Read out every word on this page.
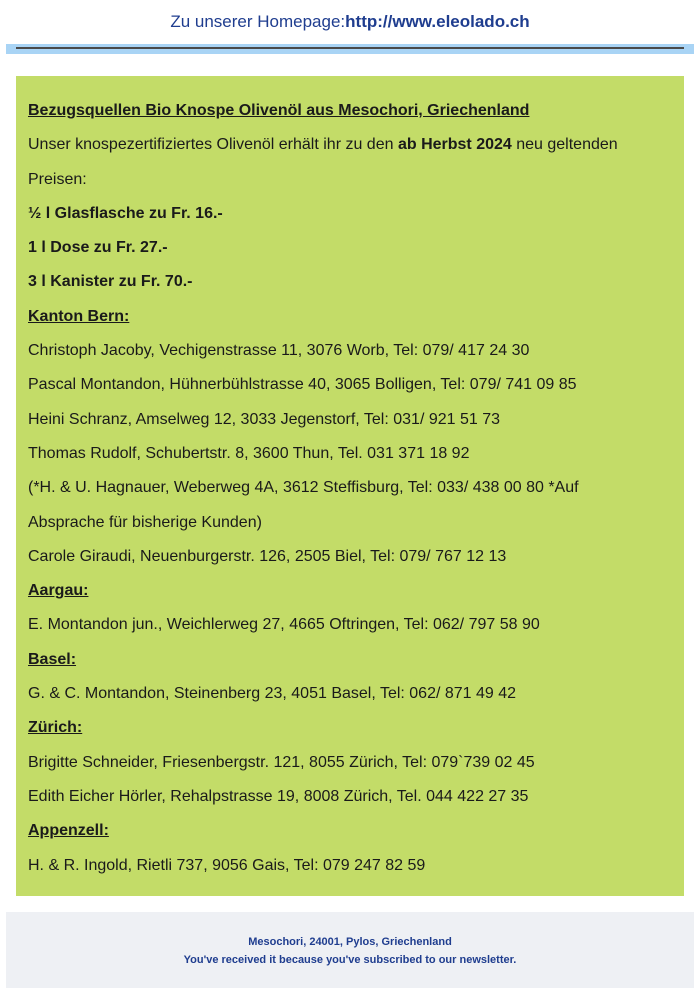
Zu unserer Homepage: http://www.eleolado.ch

Bezugsquellen Bio Knospe Olivenöl aus Mesochori, Griechenland

Unser knospezertifiziertes Olivenöl erhält ihr zu den ab Herbst 2024 neu geltenden

Preisen:

½ l Glasflasche zu Fr. 16.-

1 l Dose zu Fr. 27.-

3 l Kanister zu Fr. 70.-

Kanton Bern:

Christoph Jacoby, Vechigenstrasse 11, 3076 Worb, Tel: 079/ 417 24 30

Pascal Montandon, Hühnerbühlstrasse 40, 3065 Bolligen, Tel: 079/ 741 09 85

Heini Schranz, Amselweg 12, 3033 Jegenstorf, Tel: 031/ 921 51 73

Thomas Rudolf, Schubertstr. 8, 3600 Thun, Tel. 031 371 18 92

(*H. & U. Hagnauer, Weberweg 4A, 3612 Steffisburg, Tel: 033/ 438 00 80 *Auf

Absprache für bisherige Kunden)

Carole Giraudi, Neuenburgerstr. 126, 2505 Biel, Tel: 079/ 767 12 13

Aargau:

E. Montandon jun., Weichlerweg 27, 4665 Oftringen, Tel: 062/ 797 58 90

Basel:

G. & C. Montandon, Steinenberg 23, 4051 Basel, Tel: 062/ 871 49 42

Zürich:

Brigitte Schneider, Friesenbergstr. 121, 8055 Zürich, Tel: 079`739 02 45

Edith Eicher Hörler, Rehalpstrasse 19, 8008 Zürich, Tel. 044 422 27 35

Appenzell:

H. & R. Ingold, Rietli 737, 9056 Gais, Tel: 079 247 82 59

Mesochori, 24001, Pylos, Griechenland
You've received it because you've subscribed to our newsletter.
